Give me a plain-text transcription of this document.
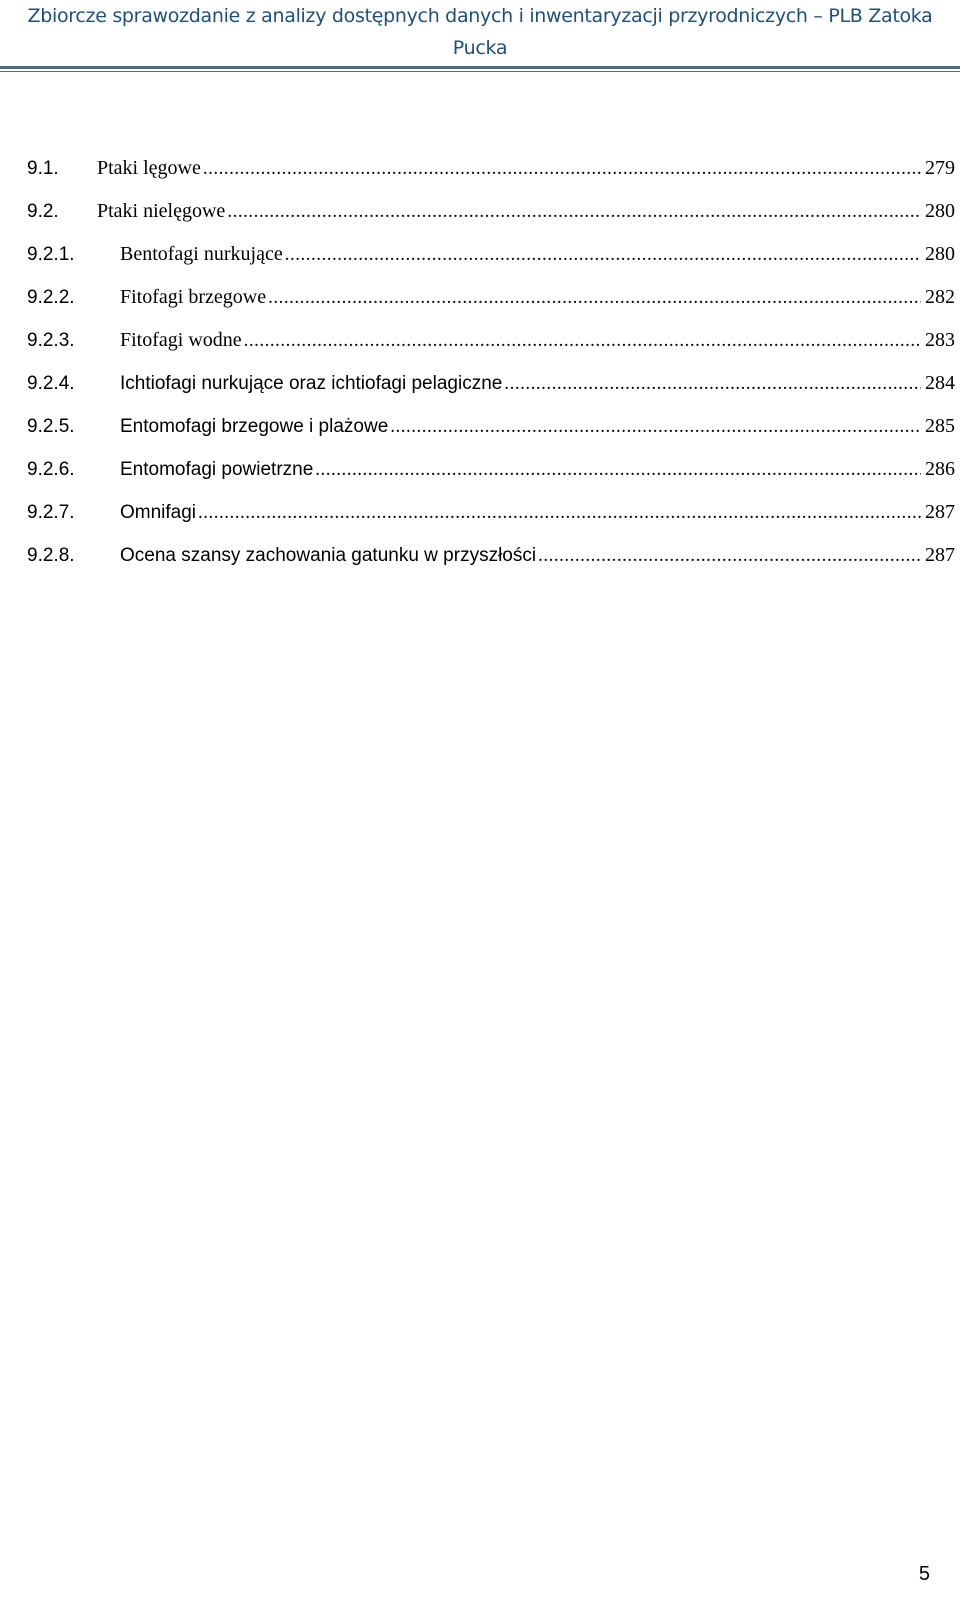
Zbiorcze sprawozdanie z analizy dostępnych danych i inwentaryzacji przyrodniczych – PLB Zatoka
Pucka
9.1.	Ptaki lęgowe .....	279
9.2.	Ptaki nielęgowe .....	280
9.2.1.	Bentofagi nurkujące .....	280
9.2.2.	Fitofagi brzegowe .....	282
9.2.3.	Fitofagi wodne .....	283
9.2.4.	Ichtiofagi nurkujące oraz ichtiofagi pelagiczne .....	284
9.2.5.	Entomofagi brzegowe i plażowe .....	285
9.2.6.	Entomofagi powietrzne .....	286
9.2.7.	Omnifagi .....	287
9.2.8.	Ocena szansy zachowania gatunku w przyszłości .....	287
5
